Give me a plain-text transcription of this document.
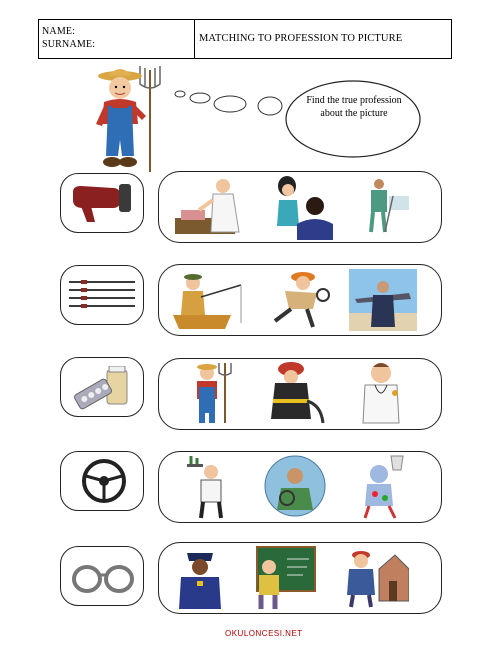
NAME:
SURNAME:
MATCHING TO PROFESSION TO PICTURE
Find the true profession about the picture
OKULONCESI.NET
